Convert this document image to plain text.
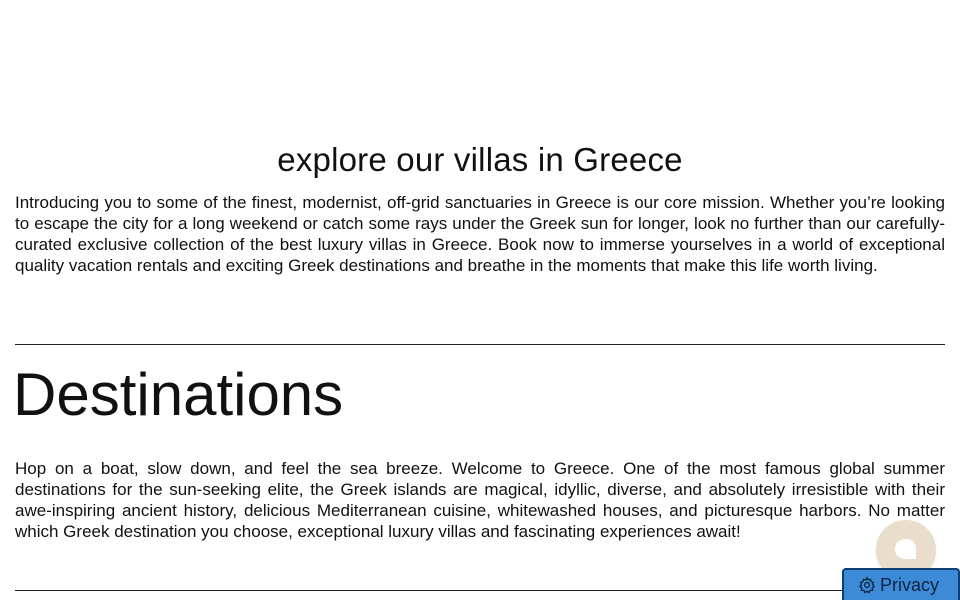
explore our villas in Greece

Introducing you to some of the finest, modernist, off-grid sanctuaries in Greece is our core mission. Whether you’re looking to escape the city for a long weekend or catch some rays under the Greek sun for longer, look no further than our carefully-curated exclusive collection of the best luxury villas in Greece. Book now to immerse yourselves in a world of exceptional quality vacation rentals and exciting Greek destinations and breathe in the moments that make this life worth living.

Destinations

Hop on a boat, slow down, and feel the sea breeze. Welcome to Greece. One of the most famous global summer destinations for the sun-seeking elite, the Greek islands are magical, idyllic, diverse, and absolutely irresistible with their awe-inspiring ancient history, delicious Mediterranean cuisine, whitewashed houses, and picturesque harbors. No matter which Greek destination you choose, exceptional luxury villas and fascinating experiences await!

Privacy
